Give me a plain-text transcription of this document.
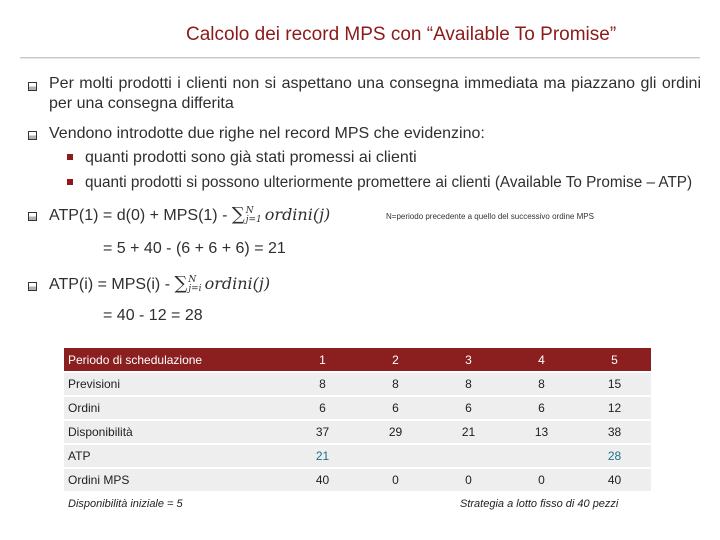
Calcolo dei record MPS con “Available To Promise”
Per molti prodotti i clienti non si aspettano una consegna immediata ma piazzano gli ordini per una consegna differita
Vendono introdotte due righe nel record MPS che evidenzino:
quanti prodotti sono già stati promessi ai clienti
quanti prodotti si possono ulteriormente promettere ai clienti (Available To Promise – ATP)
ATP(1) = d(0) + MPS(1) - ∑ N
j=1 ordini(j)	N=periodo precedente a quello del successivo ordine MPS
= 5 + 40 - (6 + 6 + 6) = 21
ATP(i) = MPS(i) - ∑ N
j=i ordini(j)
= 40 - 12 = 28
Periodo di schedulazione	1	2	3	4	5
Previsioni	8	8	8	8	15
Ordini	6	6	6	6	12
Disponibilità	37	29	21	13	38
ATP	21				28
Ordini MPS	40	0	0	0	40
Disponibilità iniziale = 5	Strategia a lotto fisso di 40 pezzi
